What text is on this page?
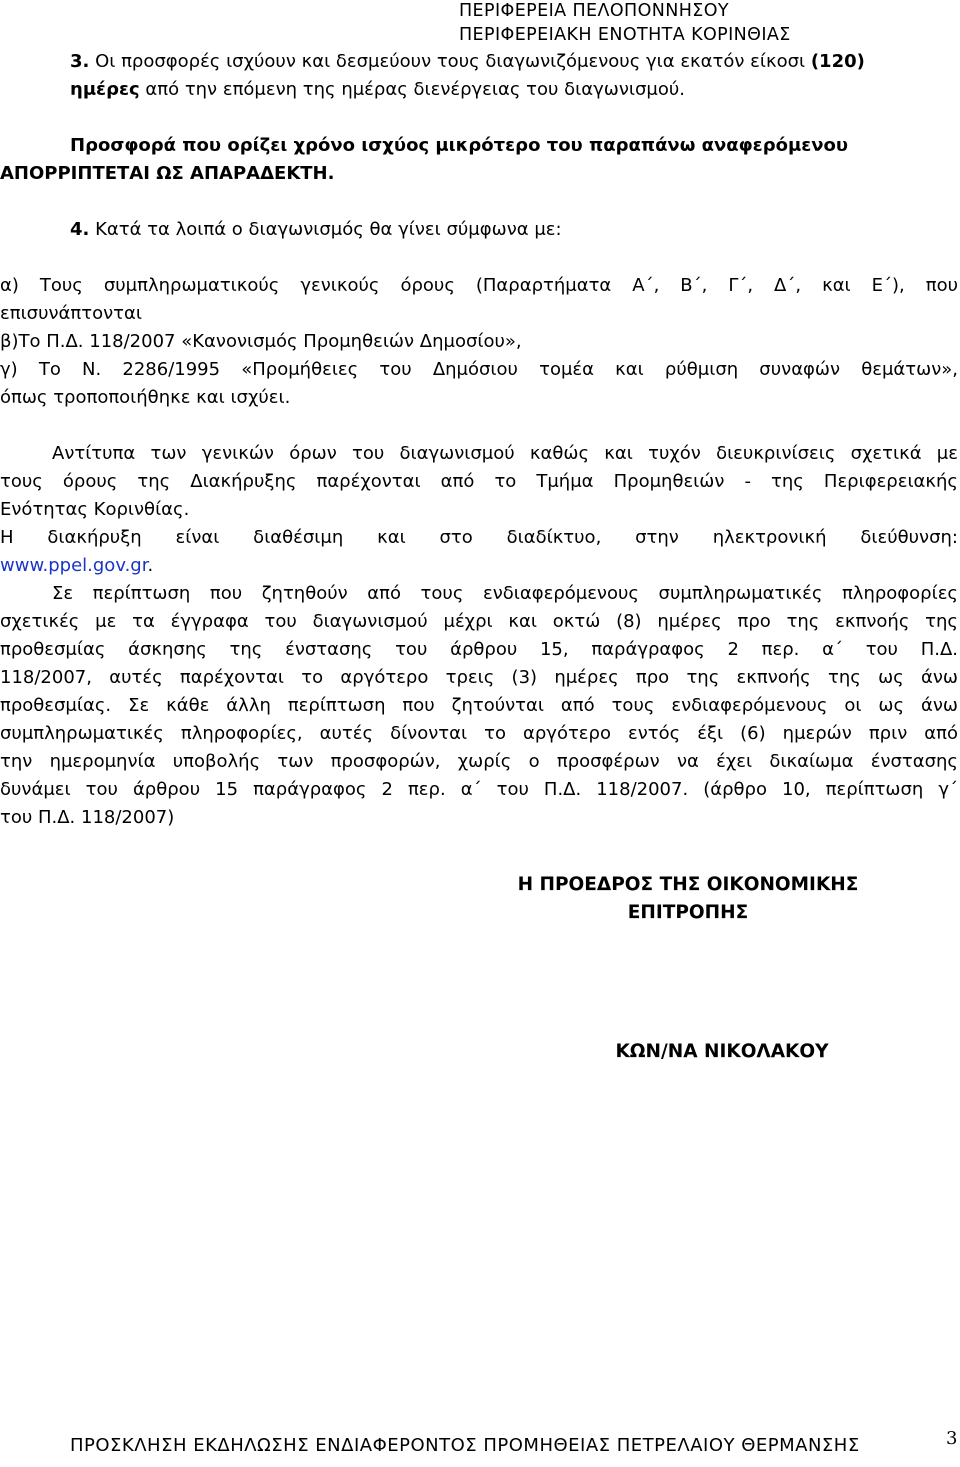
ΠΕΡΙΦΕΡΕΙΑ ΠΕΛΟΠΟΝΝΗΣΟΥ
ΠΕΡΙΦΕΡΕΙΑΚΗ ΕΝΟΤΗΤΑ ΚΟΡΙΝΘΙΑΣ
3. Οι προσφορές ισχύουν και δεσμεύουν τους διαγωνιζόμενους για εκατόν είκοσι (120)
ημέρες από την επόμενη της ημέρας διενέργειας του διαγωνισμού.
Προσφορά που ορίζει χρόνο ισχύος μικρότερο του παραπάνω αναφερόμενου
ΑΠΟΡΡΙΠΤΕΤΑΙ ΩΣ ΑΠΑΡΑΔΕΚΤΗ.
4. Κατά τα λοιπά ο διαγωνισμός θα γίνει σύμφωνα με:
α) Τους συμπληρωματικούς γενικούς όρους (Παραρτήματα Α΄, Β΄, Γ΄, Δ΄, και Ε΄), που
επισυνάπτονται
β)Το Π.Δ. 118/2007 «Κανονισμός Προμηθειών Δημοσίου»,
γ) Το Ν. 2286/1995 «Προμήθειες του Δημόσιου τομέα και ρύθμιση συναφών θεμάτων»,
όπως τροποποιήθηκε και ισχύει.
Αντίτυπα των γενικών όρων του διαγωνισμού καθώς και τυχόν διευκρινίσεις σχετικά με
τους όρους της Διακήρυξης παρέχονται από το Τμήμα Προμηθειών - της Περιφερειακής
Ενότητας Κορινθίας.
Η διακήρυξη είναι διαθέσιμη και στο διαδίκτυο, στην ηλεκτρονική διεύθυνση:
www.ppel.gov.gr.
Σε περίπτωση που ζητηθούν από τους ενδιαφερόμενους συμπληρωματικές πληροφορίες
σχετικές με τα έγγραφα του διαγωνισμού μέχρι και οκτώ (8) ημέρες προ της εκπνοής της
προθεσμίας άσκησης της ένστασης του άρθρου 15, παράγραφος 2 περ. α΄ του Π.Δ.
118/2007, αυτές παρέχονται το αργότερο τρεις (3) ημέρες προ της εκπνοής της ως άνω
προθεσμίας. Σε κάθε άλλη περίπτωση που ζητούνται από τους ενδιαφερόμενους οι ως άνω
συμπληρωματικές πληροφορίες, αυτές δίνονται το αργότερο εντός έξι (6) ημερών πριν από
την ημερομηνία υποβολής των προσφορών, χωρίς ο προσφέρων να έχει δικαίωμα ένστασης
δυνάμει του άρθρου 15 παράγραφος 2 περ. α΄ του Π.Δ. 118/2007. (άρθρο 10, περίπτωση γ΄
του Π.Δ. 118/2007)
Η ΠΡΟΕΔΡΟΣ ΤΗΣ ΟΙΚΟΝΟΜΙΚΗΣ
ΕΠΙΤΡΟΠΗΣ
ΚΩΝ/ΝΑ ΝΙΚΟΛΑΚΟΥ
ΠΡΟΣΚΛΗΣΗ ΕΚΔΗΛΩΣΗΣ ΕΝΔΙΑΦΕΡΟΝΤΟΣ ΠΡΟΜΗΘΕΙΑΣ ΠΕΤΡΕΛΑΙΟΥ ΘΕΡΜΑΝΣΗΣ	3
